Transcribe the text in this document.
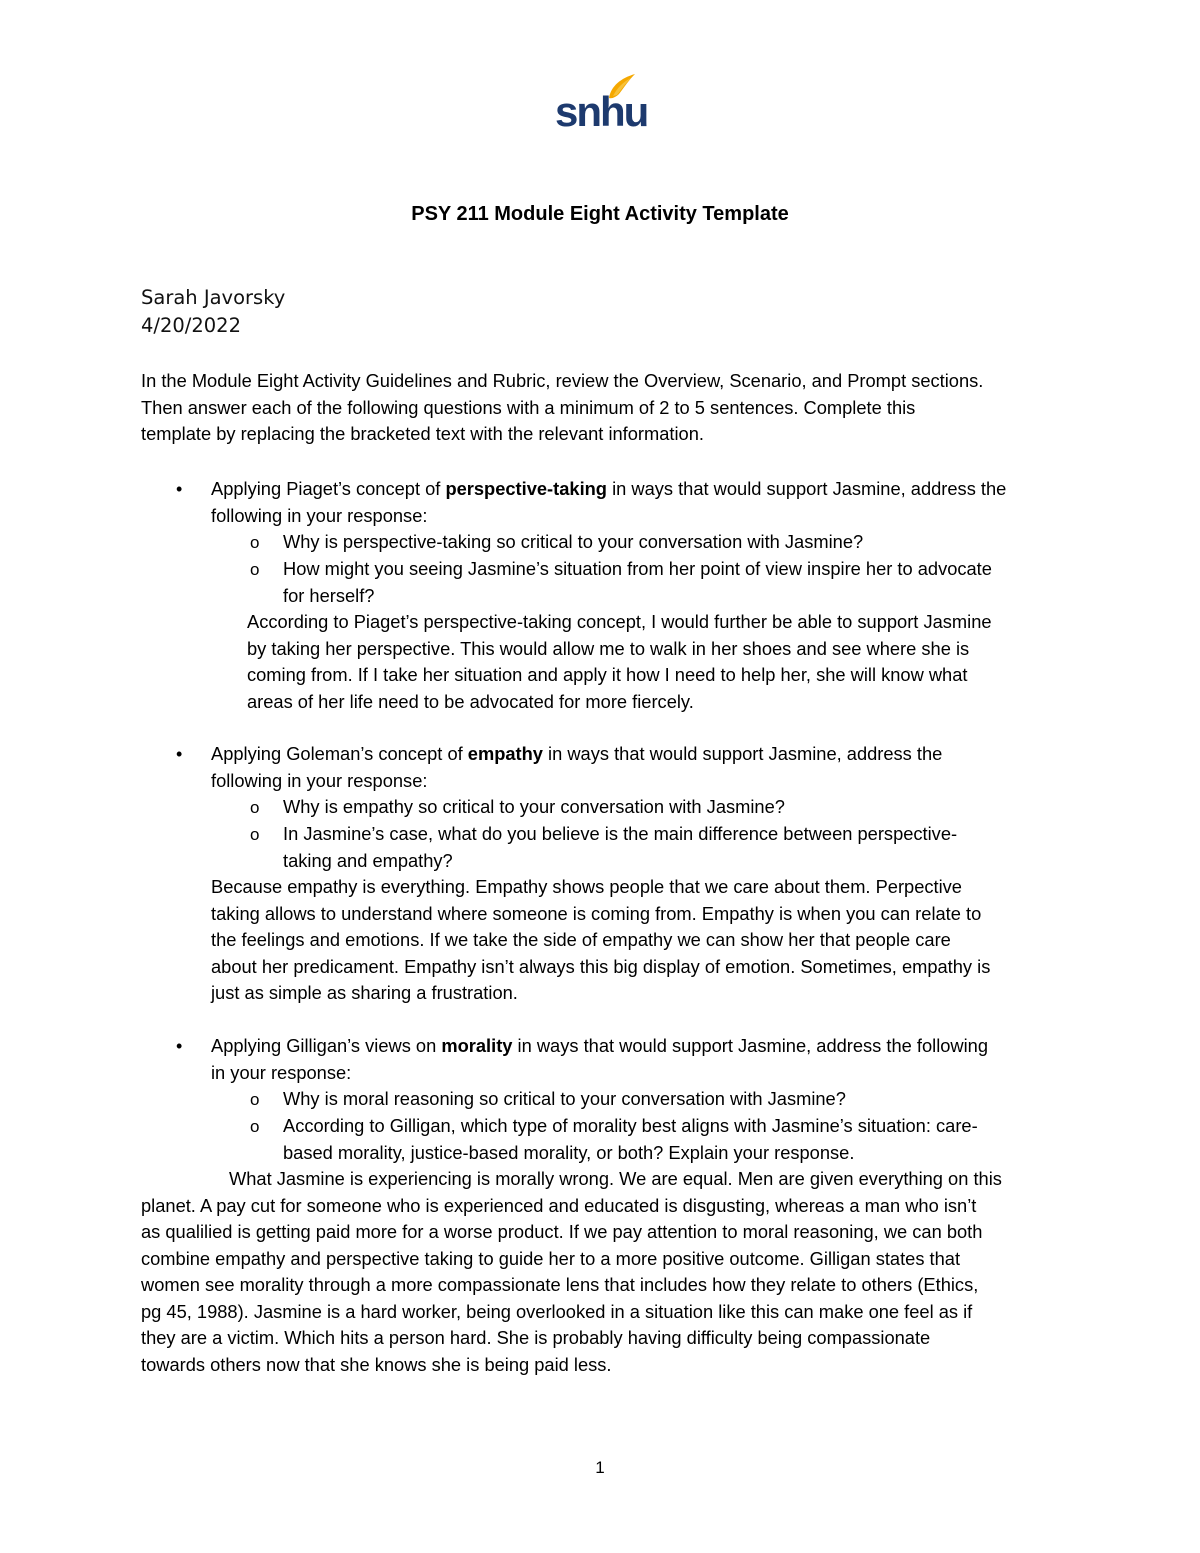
snhu
PSY 211 Module Eight Activity Template
Sarah Javorsky
4/20/2022
In the Module Eight Activity Guidelines and Rubric, review the Overview, Scenario, and Prompt sections.
Then answer each of the following questions with a minimum of 2 to 5 sentences. Complete this
template by replacing the bracketed text with the relevant information.
• Applying Piaget’s concept of perspective-taking in ways that would support Jasmine, address the
following in your response:
o Why is perspective-taking so critical to your conversation with Jasmine?
o How might you seeing Jasmine’s situation from her point of view inspire her to advocate
for herself?
According to Piaget’s perspective-taking concept, I would further be able to support Jasmine
by taking her perspective. This would allow me to walk in her shoes and see where she is
coming from. If I take her situation and apply it how I need to help her, she will know what
areas of her life need to be advocated for more fiercely.
• Applying Goleman’s concept of empathy in ways that would support Jasmine, address the
following in your response:
o Why is empathy so critical to your conversation with Jasmine?
o In Jasmine’s case, what do you believe is the main difference between perspective-
taking and empathy?
Because empathy is everything. Empathy shows people that we care about them. Perpective
taking allows to understand where someone is coming from. Empathy is when you can relate to
the feelings and emotions. If we take the side of empathy we can show her that people care
about her predicament. Empathy isn’t always this big display of emotion. Sometimes, empathy is
just as simple as sharing a frustration.
• Applying Gilligan’s views on morality in ways that would support Jasmine, address the following
in your response:
o Why is moral reasoning so critical to your conversation with Jasmine?
o According to Gilligan, which type of morality best aligns with Jasmine’s situation: care-
based morality, justice-based morality, or both? Explain your response.
What Jasmine is experiencing is morally wrong. We are equal. Men are given everything on this
planet. A pay cut for someone who is experienced and educated is disgusting, whereas a man who isn’t
as qualilied is getting paid more for a worse product. If we pay attention to moral reasoning, we can both
combine empathy and perspective taking to guide her to a more positive outcome. Gilligan states that
women see morality through a more compassionate lens that includes how they relate to others (Ethics,
pg 45, 1988). Jasmine is a hard worker, being overlooked in a situation like this can make one feel as if
they are a victim. Which hits a person hard. She is probably having difficulty being compassionate
towards others now that she knows she is being paid less.
1
